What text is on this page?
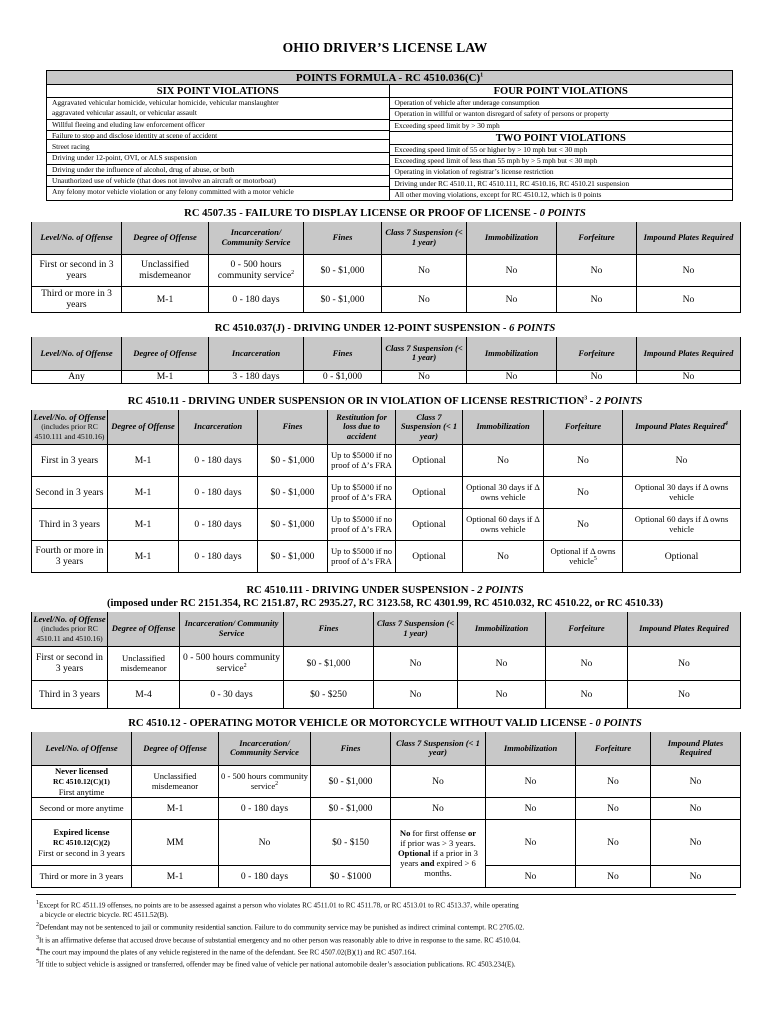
OHIO DRIVER’S LICENSE LAW
POINTS FORMULA - RC $4510.036(C)^1$
SIX POINT VIOLATIONS
Aggravated vehicular homicide, vehicular homicide, vehicular manslaughter
aggravated vehicular assault, or vehicular assault
Willful fleeing and eluding law enforcement officer
Failure to stop and disclose identity at scene of accident
Street racing
Driving under 12-point, OVI, or ALS suspension
Driving under the influence of alcohol, drug of abuse, or both
Unauthorized use of vehicle (that does not involve an aircraft or motorboat)
Any felony motor vehicle violation or any felony committed with a motor vehicle
FOUR POINT VIOLATIONS
Operation of vehicle after underage consumption
Operation in willful or wanton disregard of safety of persons or property
Exceeding speed limit by > 30 mph
TWO POINT VIOLATIONS
Exceeding speed limit of 55 or higher by > 10 mph but < 30 mph
Exceeding speed limit of less than 55 mph by > 5 mph but < 30 mph
Operating in violation of registrar’s license restriction
Driving under RC 4510.11, RC 4510.111, RC 4510.16, RC 4510.21 suspension
All other moving violations, except for RC 4510.12, which is 0 points
RC 4507.35 - FAILURE TO DISPLAY LICENSE OR PROOF OF LICENSE - 0 POINTS
Level/No. of Offense	Degree of Offense	Incarceration/ Community Service	Fines	Class 7 Suspension (< 1 year)	Immobilization	Forfeiture	Impound Plates Required
First or second in 3 years	Unclassified misdemeanor	0 - 500 hours community service$^2$	$0 - $1,000	No	No	No	No
Third or more in 3 years	M-1	0 - 180 days	$0 - $1,000	No	No	No	No
RC 4510.037(J) - DRIVING UNDER 12-POINT SUSPENSION - 6 POINTS
Level/No. of Offense	Degree of Offense	Incarceration	Fines	Class 7 Suspension (< 1 year)	Immobilization	Forfeiture	Impound Plates Required
Any	M-1	3 - 180 days	0 - $1,000	No	No	No	No
RC 4510.11 - DRIVING UNDER SUSPENSION OR IN VIOLATION OF LICENSE RESTRICTION$^3$ - 2 POINTS
Level/No. of Offense
(includes prior RC 4510.111 and 4510.16)	Degree of Offense	Incarceration	Fines	Restitution for loss due to accident	Class 7 Suspension (< 1 year)	Immobilization	Forfeiture	Impound Plates Required$^4$
First in 3 years	M-1	0 - 180 days	$0 - $1,000	Up to $5000 if no proof of Δ’s FRA	Optional	No	No	No
Second in 3 years	M-1	0 - 180 days	$0 - $1,000	Up to $5000 if no proof of Δ’s FRA	Optional	Optional 30 days if Δ owns vehicle	No	Optional 30 days if Δ owns vehicle
Third in 3 years	M-1	0 - 180 days	$0 - $1,000	Up to $5000 if no proof of Δ’s FRA	Optional	Optional 60 days if Δ owns vehicle	No	Optional 60 days if Δ owns vehicle
Fourth or more in 3 years	M-1	0 - 180 days	$0 - $1,000	Up to $5000 if no proof of Δ’s FRA	Optional	No	Optional if Δ owns vehicle$^5$	Optional
RC 4510.111 - DRIVING UNDER SUSPENSION - 2 POINTS
(imposed under RC 2151.354, RC 2151.87, RC 2935.27, RC 3123.58, RC 4301.99, RC 4510.032, RC 4510.22, or RC 4510.33)
Level/No. of Offense
(includes prior RC 4510.11 and 4510.16)	Degree of Offense	Incarceration/ Community Service	Fines	Class 7 Suspension (< 1 year)	Immobilization	Forfeiture	Impound Plates Required
First or second in 3 years	Unclassified misdemeanor	0 - 500 hours community service$^2$	$0 - $1,000	No	No	No	No
Third in 3 years	M-4	0 - 30 days	$0 - $250	No	No	No	No
RC 4510.12 - OPERATING MOTOR VEHICLE OR MOTORCYCLE WITHOUT VALID LICENSE - 0 POINTS
Level/No. of Offense	Degree of Offense	Incarceration/ Community Service	Fines	Class 7 Suspension (< 1 year)	Immobilization	Forfeiture	Impound Plates Required
Never licensed
RC 4510.12(C)(1)
First anytime	Unclassified misdemeanor	0 - 500 hours community service$^2$	$0 - $1,000	No	No	No	No
Second or more anytime	M-1	0 - 180 days	$0 - $1,000	No	No	No	No
Expired license
RC 4510.12(C)(2)
First or second in 3 years	MM	No	$0 - $150	No for first offense or if prior was > 3 years. Optional if a prior in 3 years and expired > 6 months.	No	No	No
Third or more in 3 years	M-1	0 - 180 days	$0 - $1000		No	No	No
$^1$Except for RC 4511.19 offenses, no points are to be assessed against a person who violates RC 4511.01 to RC 4511.78, or RC 4513.01 to RC 4513.37, while operating
a bicycle or electric bicycle. RC 4511.52(B).
$^2$Defendant may not be sentenced to jail or community residential sanction. Failure to do community service may be punished as indirect criminal contempt. RC 2705.02.
$^3$It is an affirmative defense that accused drove because of substantial emergency and no other person was reasonably able to drive in response to the same. RC 4510.04.
$^4$The court may impound the plates of any vehicle registered in the name of the defendant. See RC 4507.02(B)(1) and RC 4507.164.
$^5$If title to subject vehicle is assigned or transferred, offender may be fined value of vehicle per national automobile dealer’s association publications. RC 4503.234(E).
